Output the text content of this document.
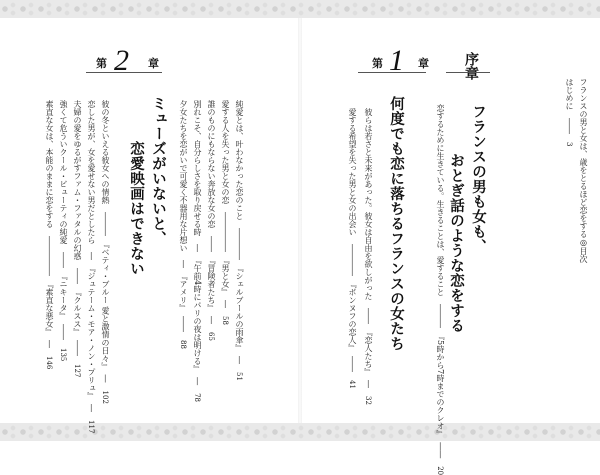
フランスの男と女は、歳をとるほど恋をする◎目次
はじめに　――　3
序章
フランスの男も女も、
おとぎ話のような恋をする
恋するために生きている。生きることは、愛すること　―――　『5時から7時までのクレオ』　――　20
第 1 章
何度でも恋に落ちるフランスの女たち
彼らは若さと未来があった。彼女は自由を欲しがった　――　『恋人たち』　―　32
愛する希望を失った男と女の出会い　――――　『ボンヌフの恋人』　――　41
第 2 章
ミューズがいないと、
恋愛映画はできない	純愛とは、叶わなかった恋のこと　――――　『シェルブールの雨傘』　―　51
愛する人を失った男と女の恋　―――――　『男と女』　―　58
誰のものにもならない奔放な女の恋　――　『冒険者たち』　―　65
別れこそ、自分らしさを取り戻せる時　―　『午前4時にパリの夜は明ける』　―　78
夕女たちを恋がいで可愛く不器用な片想い　―　『アメリ』　――　88
彼の冬といえる彼女への情熱　―――　『ベティ・ブルー 愛と激情の日々』　―　102
恋した男が、女を愛せない男だとしたら　―　『ジュテーム・モア・ノン・プリュ』　―　117
夫婦の愛をゆるがすファム・ファタルの幻惑　――　『クルスス』　――　127
強くて危ういクール・ビューティの純愛　――　『ニキータ』　――　135
素直な女は、本能のままに恋をする　―――――　『素直な悪女』　―　146
